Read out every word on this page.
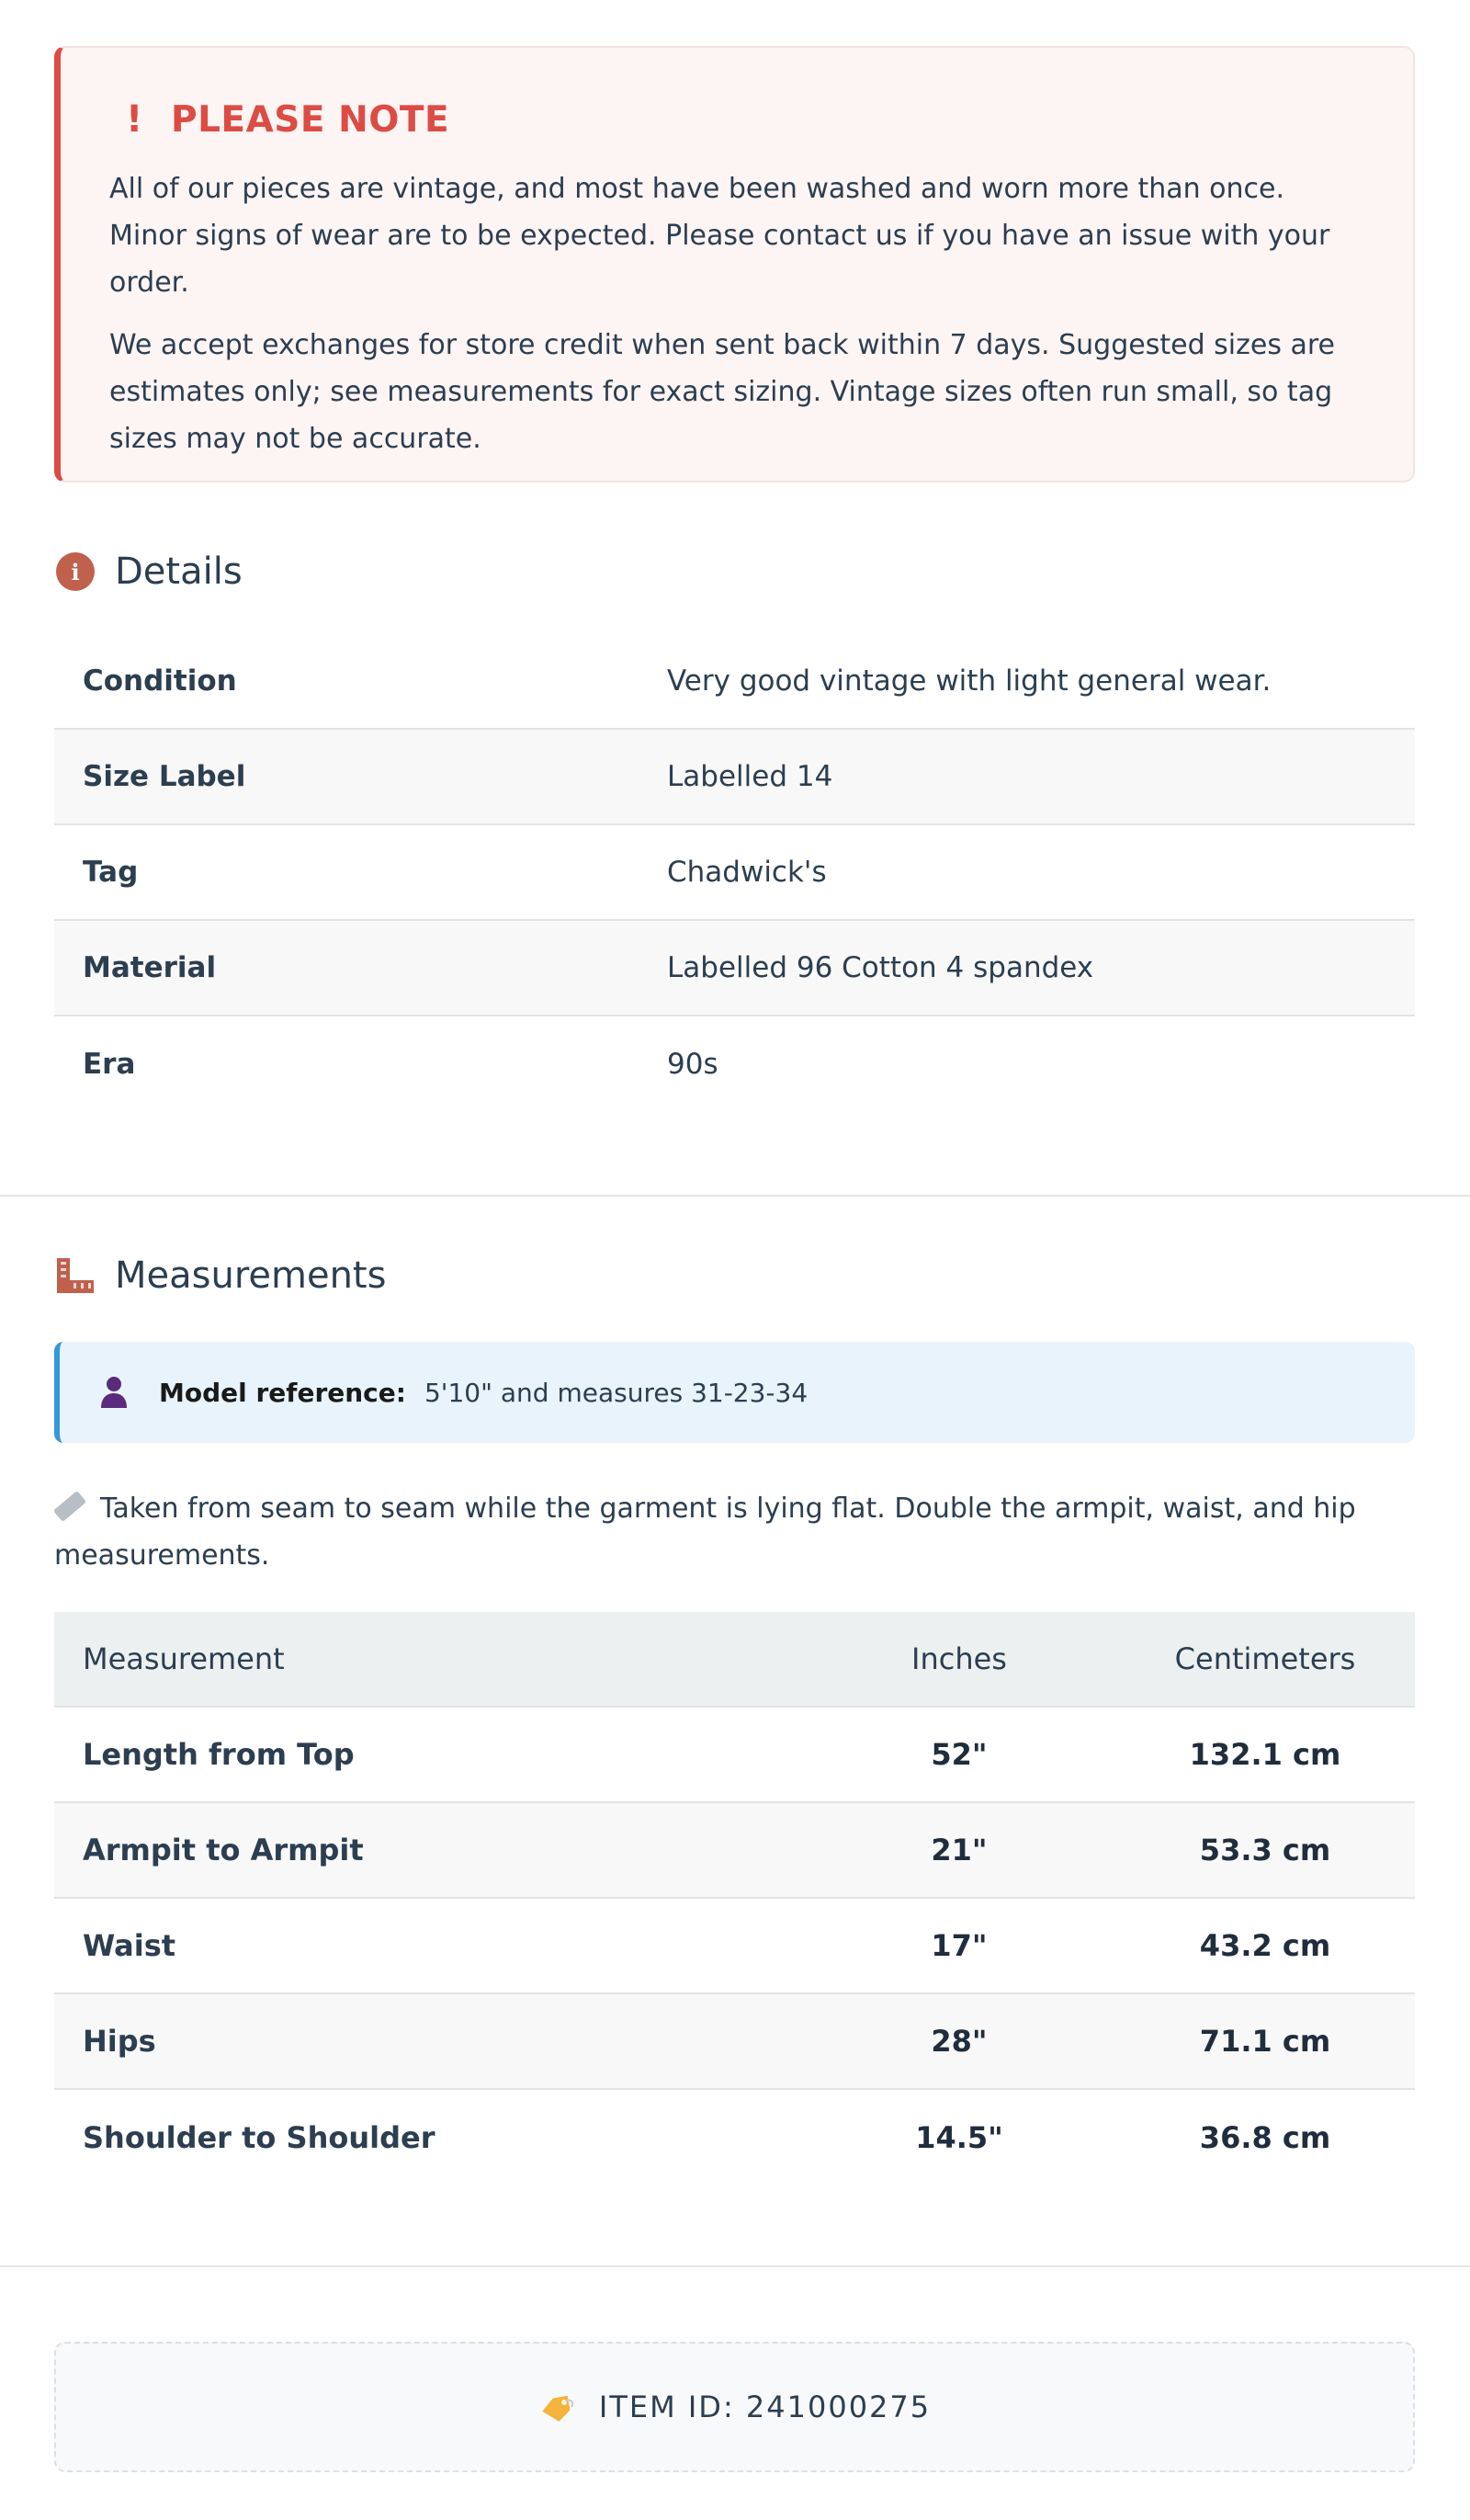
! PLEASE NOTE

All of our pieces are vintage, and most have been washed and worn more than once. Minor signs of wear are to be expected. Please contact us if you have an issue with your order.

We accept exchanges for store credit when sent back within 7 days. Suggested sizes are estimates only; see measurements for exact sizing. Vintage sizes often run small, so tag sizes may not be accurate.

i Details
Condition	Very good vintage with light general wear.
Size Label	Labelled 14
Tag	Chadwick's
Material	Labelled 96 Cotton 4 spandex
Era	90s
Measurements
Model reference: 5'10" and measures 31-23-34
Taken from seam to seam while the garment is lying flat. Double the armpit, waist, and hip measurements.
Measurement	Inches	Centimeters
Length from Top	52"	132.1 cm
Armpit to Armpit	21"	53.3 cm
Waist	17"	43.2 cm
Hips	28"	71.1 cm
Shoulder to Shoulder	14.5"	36.8 cm
ITEM ID: 241000275
